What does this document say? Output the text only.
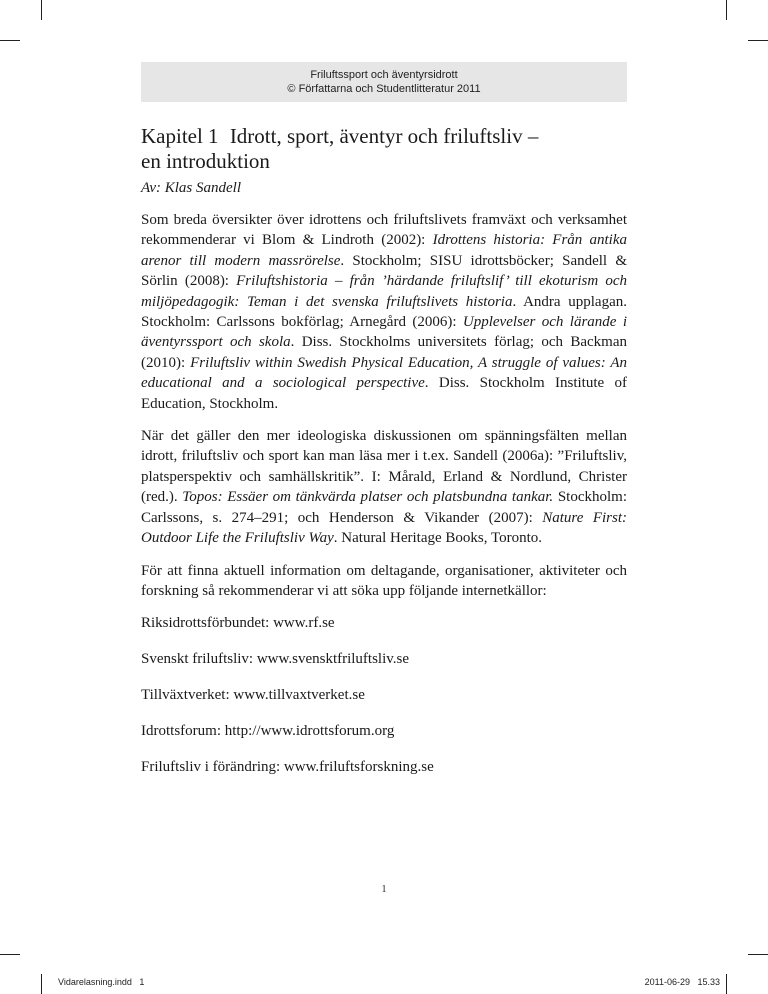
Friluftssport och äventyrsidrott
© Författarna och Studentlitteratur 2011
Kapitel 1 Idrott, sport, äventyr och friluftsliv –
en introduktion

Av: Klas Sandell

Som breda översikter över idrottens och friluftslivets framväxt och verksamhet rekommenderar vi Blom & Lindroth (2002): Idrottens historia: Från antika arenor till modern massrörelse. Stockholm; SISU idrottsböcker; Sandell & Sörlin (2008): Friluftshistoria – från ’härdande friluftslif’ till ekoturism och miljöpedagogik: Teman i det svenska friluftslivets historia. Andra upplagan. Stockholm: Carlssons bokförlag; Arnegård (2006): Upplevelser och lärande i äventyrssport och skola. Diss. Stockholms universitets förlag; och Backman (2010): Friluftsliv within Swedish Physical Education, A struggle of values: An educational and a sociological perspective. Diss. Stockholm Institute of Education, Stockholm.

När det gäller den mer ideologiska diskussionen om spänningsfälten mellan idrott, friluftsliv och sport kan man läsa mer i t.ex. Sandell (2006a): ”Friluftsliv, platsperspektiv och samhällskritik”. I: Mårald, Erland & Nordlund, Christer (red.). Topos: Essäer om tänkvärda platser och platsbundna tankar. Stockholm: Carlssons, s. 274–291; och Henderson & Vikander (2007): Nature First: Outdoor Life the Friluftsliv Way. Natural Heritage Books, Toronto.

För att finna aktuell information om deltagande, organisationer, aktiviteter och forskning så rekommenderar vi att söka upp följande internetkällor:

Riksidrottsförbundet: www.rf.se

Svenskt friluftsliv: www.svensktfriluftsliv.se

Tillväxtverket: www.tillvaxtverket.se

Idrottsforum: http://www.idrottsforum.org

Friluftsliv i förändring: www.friluftsforskning.se

1
Vidarelasning.indd   1	2011-06-29   15.33
